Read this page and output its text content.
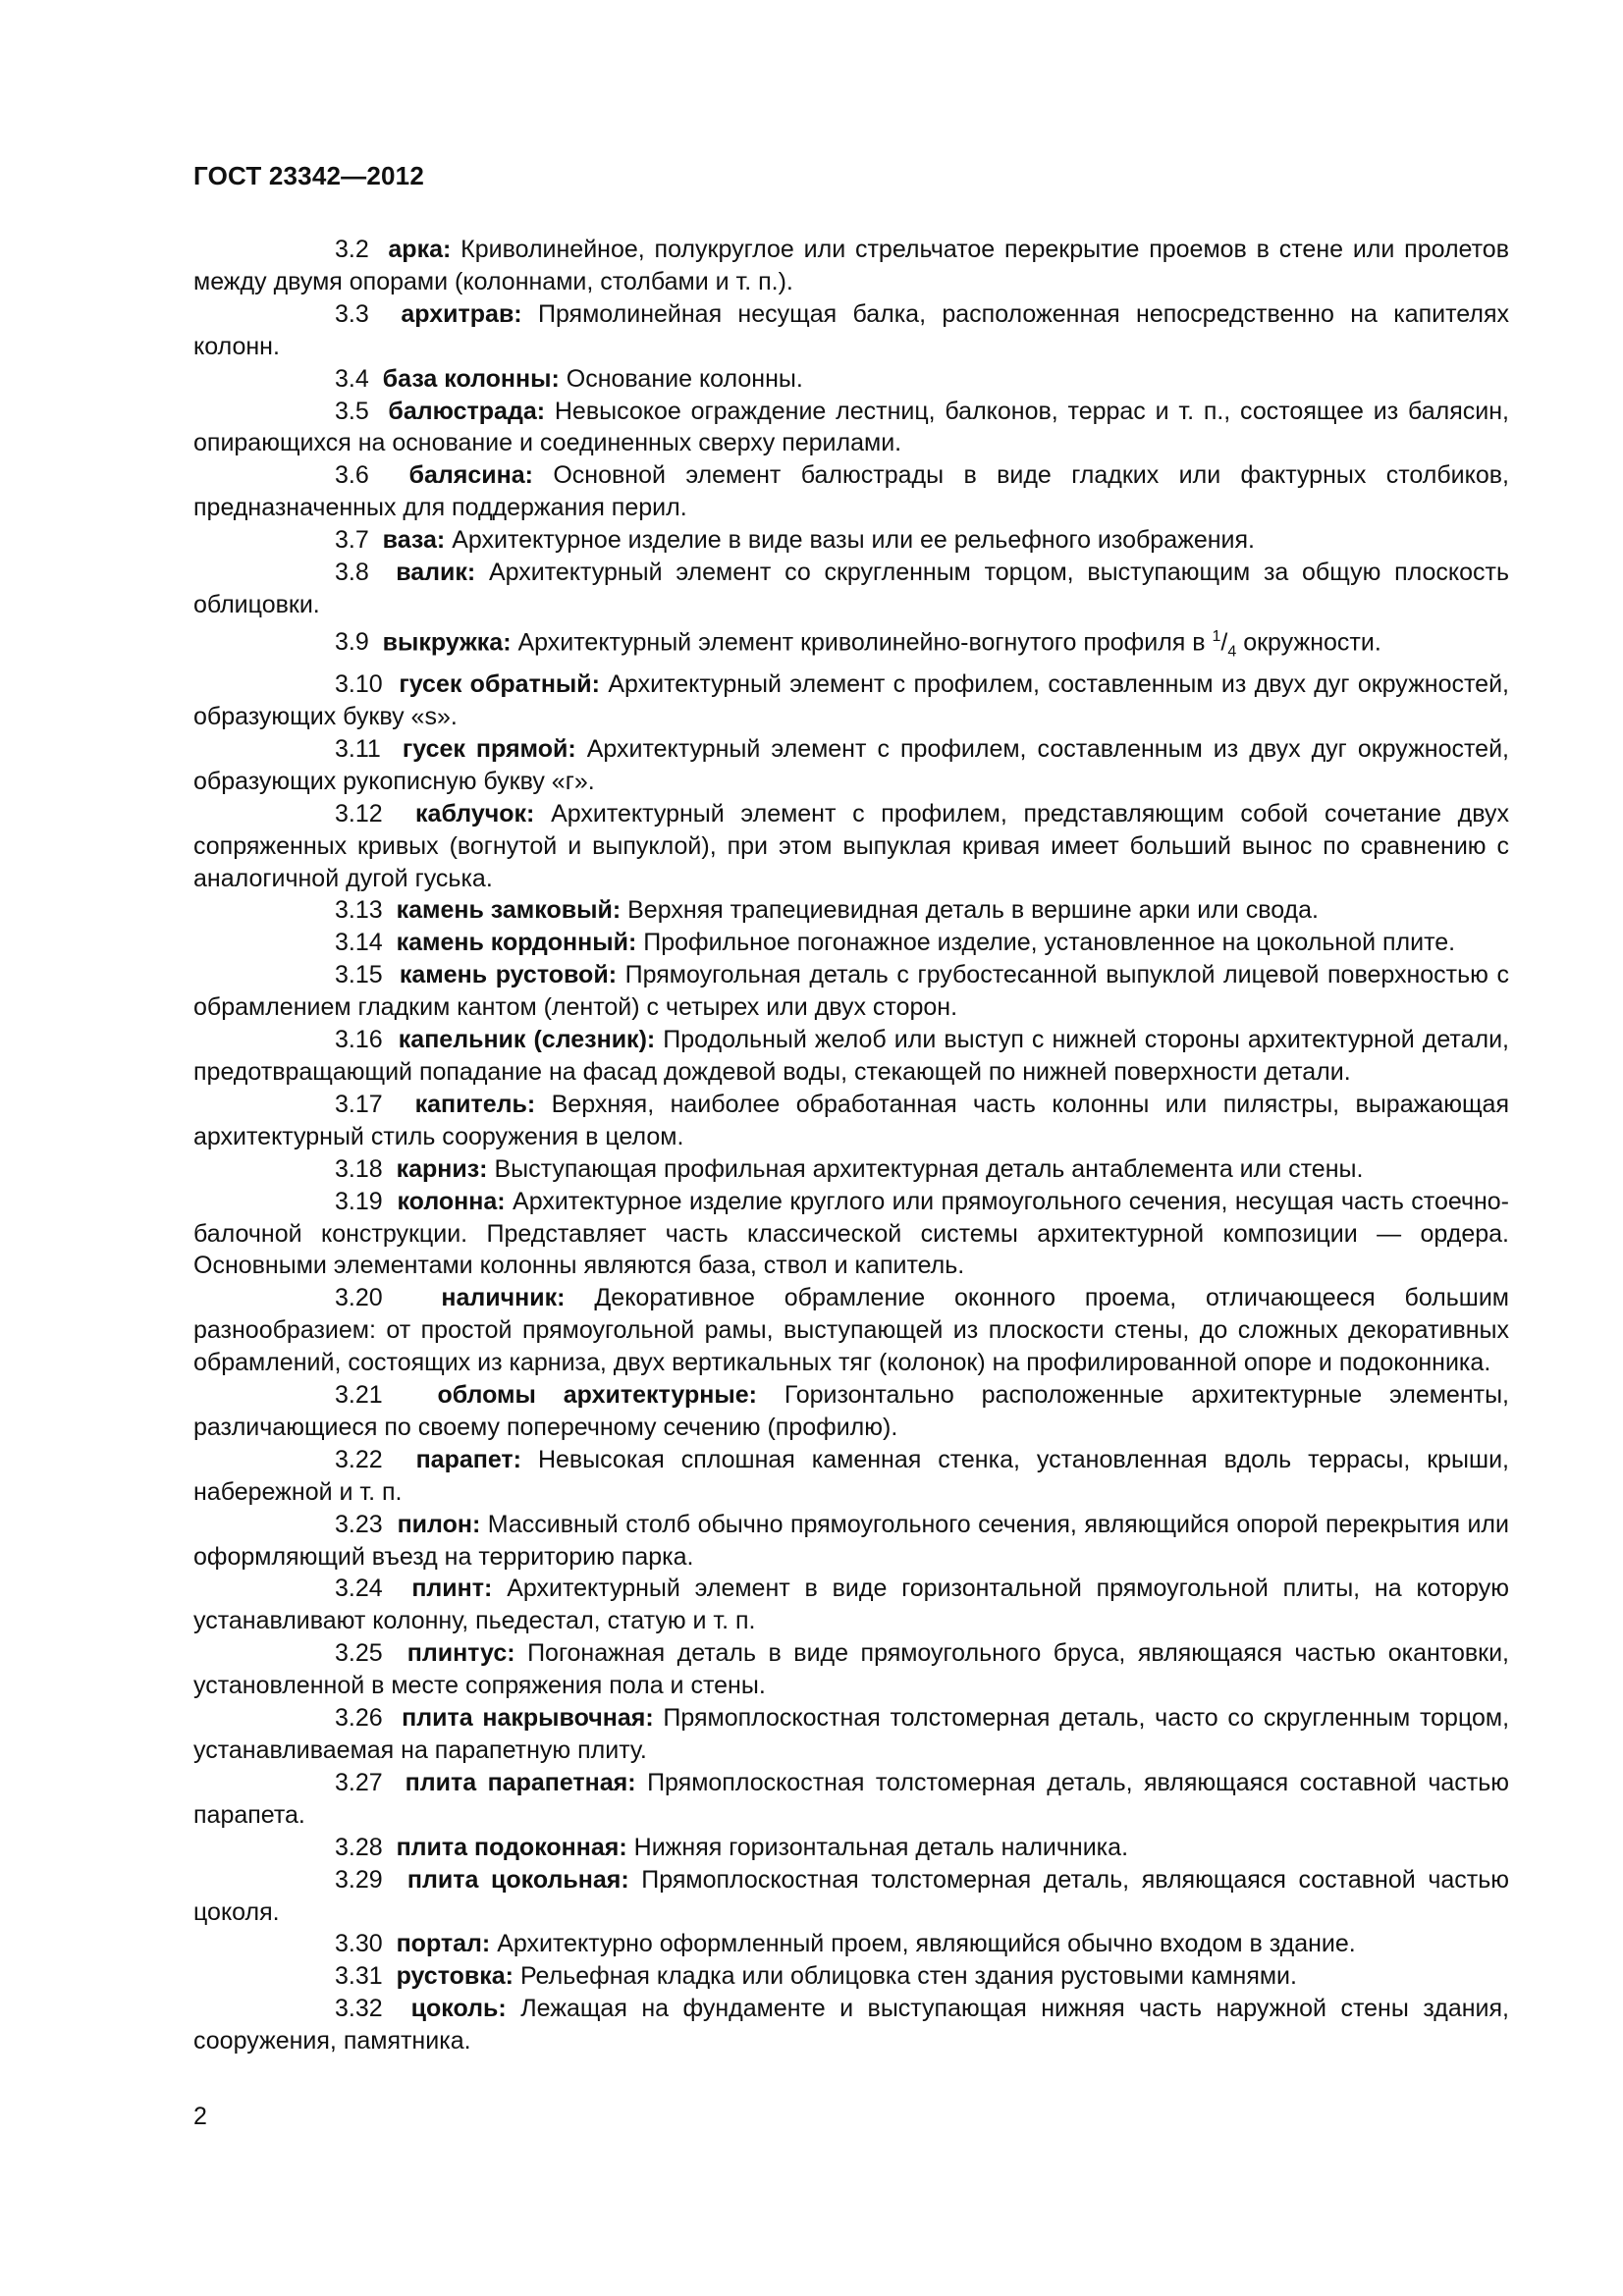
ГОСТ 23342—2012

3.2 арка: Криволинейное, полукруглое или стрельчатое перекрытие проемов в стене или пролетов между двумя опорами (колоннами, столбами и т. п.).

3.3 архитрав: Прямолинейная несущая балка, расположенная непосредственно на капителях колонн.

3.4 база колонны: Основание колонны.

3.5 балюстрада: Невысокое ограждение лестниц, балконов, террас и т. п., состоящее из балясин, опирающихся на основание и соединенных сверху перилами.

3.6 балясина: Основной элемент балюстрады в виде гладких или фактурных столбиков, предназначенных для поддержания перил.

3.7 ваза: Архитектурное изделие в виде вазы или ее рельефного изображения.

3.8 валик: Архитектурный элемент со скругленным торцом, выступающим за общую плоскость облицовки.

3.9 выкружка: Архитектурный элемент криволинейно-вогнутого профиля в $^1/_4$ окружности.

3.10 гусек обратный: Архитектурный элемент с профилем, составленным из двух дуг окружностей, образующих букву «s».

3.11 гусек прямой: Архитектурный элемент с профилем, составленным из двух дуг окружностей, образующих рукописную букву «г».

3.12 каблучок: Архитектурный элемент с профилем, представляющим собой сочетание двух сопряженных кривых (вогнутой и выпуклой), при этом выпуклая кривая имеет больший вынос по сравнению с аналогичной дугой гуська.

3.13 камень замковый: Верхняя трапециевидная деталь в вершине арки или свода.

3.14 камень кордонный: Профильное погонажное изделие, установленное на цокольной плите.

3.15 камень рустовой: Прямоугольная деталь с грубостесанной выпуклой лицевой поверхностью с обрамлением гладким кантом (лентой) с четырех или двух сторон.

3.16 капельник (слезник): Продольный желоб или выступ с нижней стороны архитектурной детали, предотвращающий попадание на фасад дождевой воды, стекающей по нижней поверхности детали.

3.17 капитель: Верхняя, наиболее обработанная часть колонны или пилястры, выражающая архитектурный стиль сооружения в целом.

3.18 карниз: Выступающая профильная архитектурная деталь антаблемента или стены.

3.19 колонна: Архитектурное изделие круглого или прямоугольного сечения, несущая часть стоечно-балочной конструкции. Представляет часть классической системы архитектурной композиции — ордера. Основными элементами колонны являются база, ствол и капитель.

3.20 наличник: Декоративное обрамление оконного проема, отличающееся большим разнообразием: от простой прямоугольной рамы, выступающей из плоскости стены, до сложных декоративных обрамлений, состоящих из карниза, двух вертикальных тяг (колонок) на профилированной опоре и подоконника.

3.21 обломы архитектурные: Горизонтально расположенные архитектурные элементы, различающиеся по своему поперечному сечению (профилю).

3.22 парапет: Невысокая сплошная каменная стенка, установленная вдоль террасы, крыши, набережной и т. п.

3.23 пилон: Массивный столб обычно прямоугольного сечения, являющийся опорой перекрытия или оформляющий въезд на территорию парка.

3.24 плинт: Архитектурный элемент в виде горизонтальной прямоугольной плиты, на которую устанавливают колонну, пьедестал, статую и т. п.

3.25 плинтус: Погонажная деталь в виде прямоугольного бруса, являющаяся частью окантовки, установленной в месте сопряжения пола и стены.

3.26 плита накрывочная: Прямоплоскостная толстомерная деталь, часто со скругленным торцом, устанавливаемая на парапетную плиту.

3.27 плита парапетная: Прямоплоскостная толстомерная деталь, являющаяся составной частью парапета.

3.28 плита подоконная: Нижняя горизонтальная деталь наличника.

3.29 плита цокольная: Прямоплоскостная толстомерная деталь, являющаяся составной частью цоколя.

3.30 портал: Архитектурно оформленный проем, являющийся обычно входом в здание.

3.31 рустовка: Рельефная кладка или облицовка стен здания рустовыми камнями.

3.32 цоколь: Лежащая на фундаменте и выступающая нижняя часть наружной стены здания, сооружения, памятника.

2
